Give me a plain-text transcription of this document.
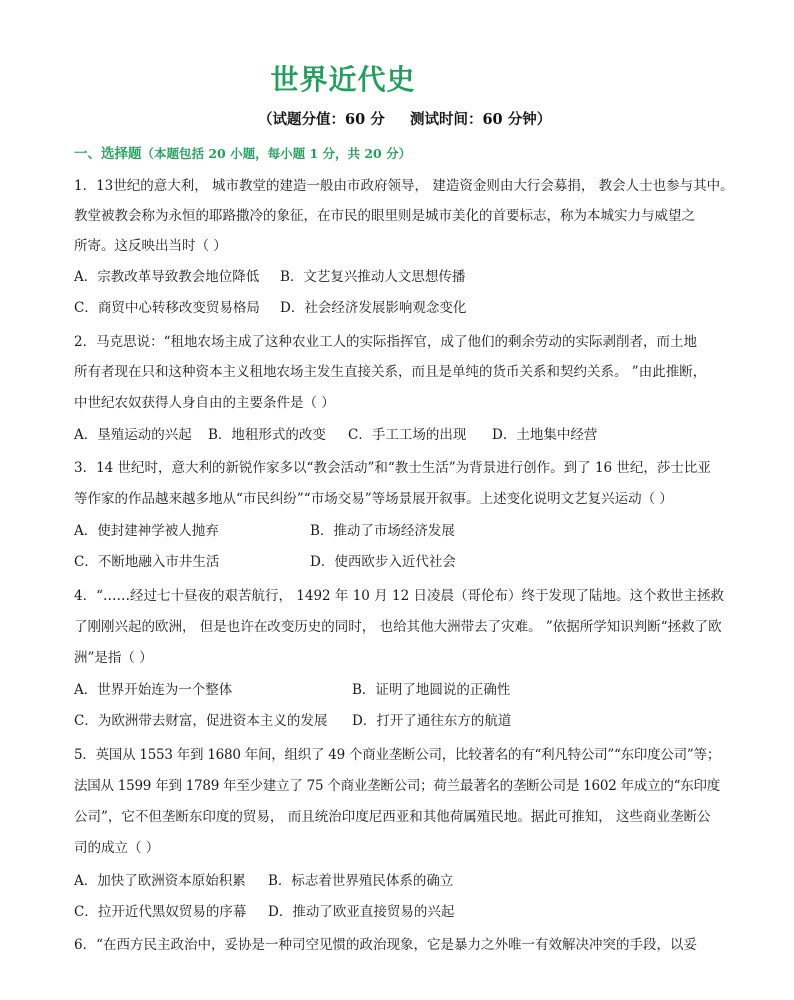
世界近代史
（试题分值：60 分     测试时间：60 分钟）
一、选择题（本题包括 20 小题，每小题 1 分，共 20 分）
1．13世纪的意大利， 城市教堂的建造一般由市政府领导， 建造资金则由大行会募捐， 教会人士也参与其中。
教堂被教会称为永恒的耶路撒冷的象征，在市民的眼里则是城市美化的首要标志，称为本城实力与威望之
所寄。这反映出当时（ ）
A．宗教改革导致教会地位降低 B．文艺复兴推动人文思想传播
C．商贸中心转移改变贸易格局 D．社会经济发展影响观念变化
2．马克思说：“租地农场主成了这种农业工人的实际指挥官，成了他们的剩余劳动的实际剥削者，而土地
所有者现在只和这种资本主义租地农场主发生直接关系，而且是单纯的货币关系和契约关系。 ”由此推断，
中世纪农奴获得人身自由的主要条件是（ ）
A．垦殖运动的兴起 B．地租形式的改变 C．手工工场的出现 D．土地集中经营
3．14 世纪时，意大利的新锐作家多以“教会活动”和“教士生活”为背景进行创作。到了 16 世纪，莎士比亚
等作家的作品越来越多地从“市民纠纷”“市场交易”等场景展开叙事。上述变化说明文艺复兴运动（ ）
A．使封建神学被人抛弃	B．推动了市场经济发展
C．不断地融入市井生活	D．使西欧步入近代社会
4．“……经过七十昼夜的艰苦航行， 1492 年 10 月 12 日凌晨（哥伦布）终于发现了陆地。这个救世主拯救
了刚刚兴起的欧洲， 但是也许在改变历史的同时， 也给其他大洲带去了灾难。 ”依据所学知识判断“拯救了欧
洲”是指（ ）
A．世界开始连为一个整体	B．证明了地圆说的正确性
C．为欧洲带去财富，促进资本主义的发展 D．打开了通往东方的航道
5．英国从 1553 年到 1680 年间，组织了 49 个商业垄断公司，比较著名的有“利凡特公司”“东印度公司”等；
法国从 1599 年到 1789 年至少建立了 75 个商业垄断公司；荷兰最著名的垄断公司是 1602 年成立的“东印度
公司”，它不但垄断东印度的贸易， 而且统治印度尼西亚和其他荷属殖民地。据此可推知， 这些商业垄断公
司的成立（ ）
A．加快了欧洲资本原始积累 B．标志着世界殖民体系的确立
C．拉开近代黑奴贸易的序幕 D．推动了欧亚直接贸易的兴起
6．“在西方民主政治中，妥协是一种司空见惯的政治现象，它是暴力之外唯一有效解决冲突的手段，以妥
